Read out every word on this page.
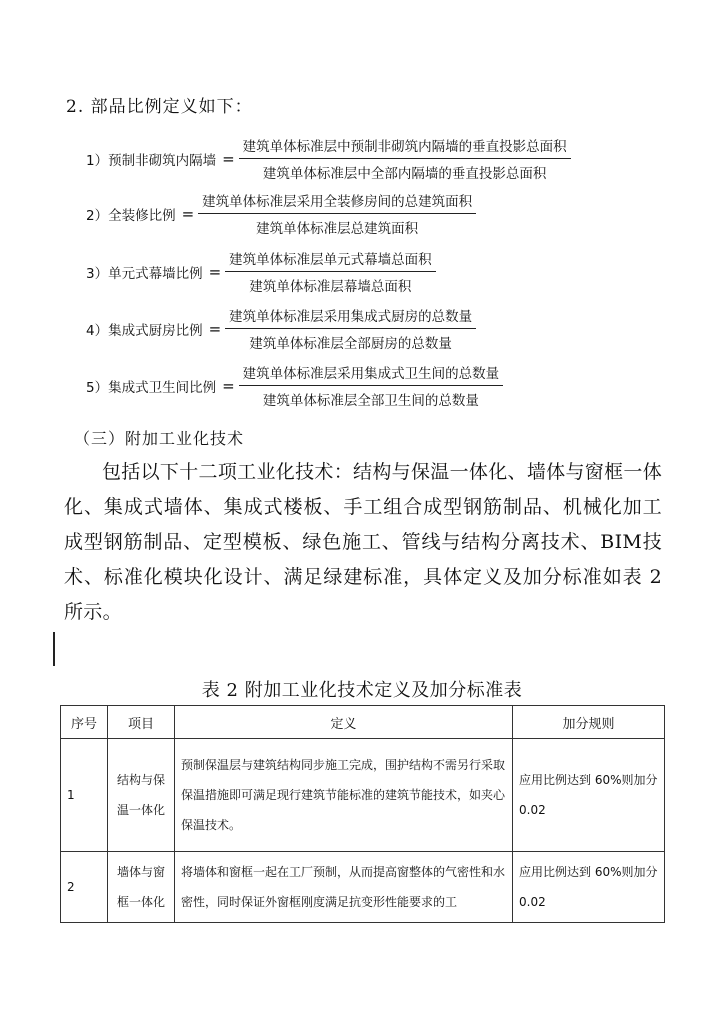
2. 部品比例定义如下：
1）预制非砌筑内隔墙 = $\frac{\text{建筑单体标准层中预制非砌筑内隔墙的垂直投影总面积}}{\text{建筑单体标准层中全部内隔墙的垂直投影总面积}}$
2）全装修比例 = $\frac{\text{建筑单体标准层采用全装修房间的总建筑面积}}{\text{建筑单体标准层总建筑面积}}$
3）单元式幕墙比例 = $\frac{\text{建筑单体标准层单元式幕墙总面积}}{\text{建筑单体标准层幕墙总面积}}$
4）集成式厨房比例 = $\frac{\text{建筑单体标准层采用集成式厨房的总数量}}{\text{建筑单体标准层全部厨房的总数量}}$
5）集成式卫生间比例 = $\frac{\text{建筑单体标准层采用集成式卫生间的总数量}}{\text{建筑单体标准层全部卫生间的总数量}}$
（三）附加工业化技术
包括以下十二项工业化技术：结构与保温一体化、墙体与窗框一体化、集成式墙体、集成式楼板、手工组合成型钢筋制品、机械化加工成型钢筋制品、定型模板、绿色施工、管线与结构分离技术、BIM技术、标准化模块化设计、满足绿建标准，具体定义及加分标准如表 2 所示。
表 2 附加工业化技术定义及加分标准表
序号	项目	定义	加分规则
1	结构与保温一体化	预制保温层与建筑结构同步施工完成，围护结构不需另行采取保温措施即可满足现行建筑节能标准的建筑节能技术，如夹心保温技术。	应用比例达到 60%则加分 0.02
2	墙体与窗框一体化	将墙体和窗框一起在工厂预制，从而提高窗整体的气密性和水密性，同时保证外窗框刚度满足抗变形性能要求的工	应用比例达到 60%则加分 0.02
